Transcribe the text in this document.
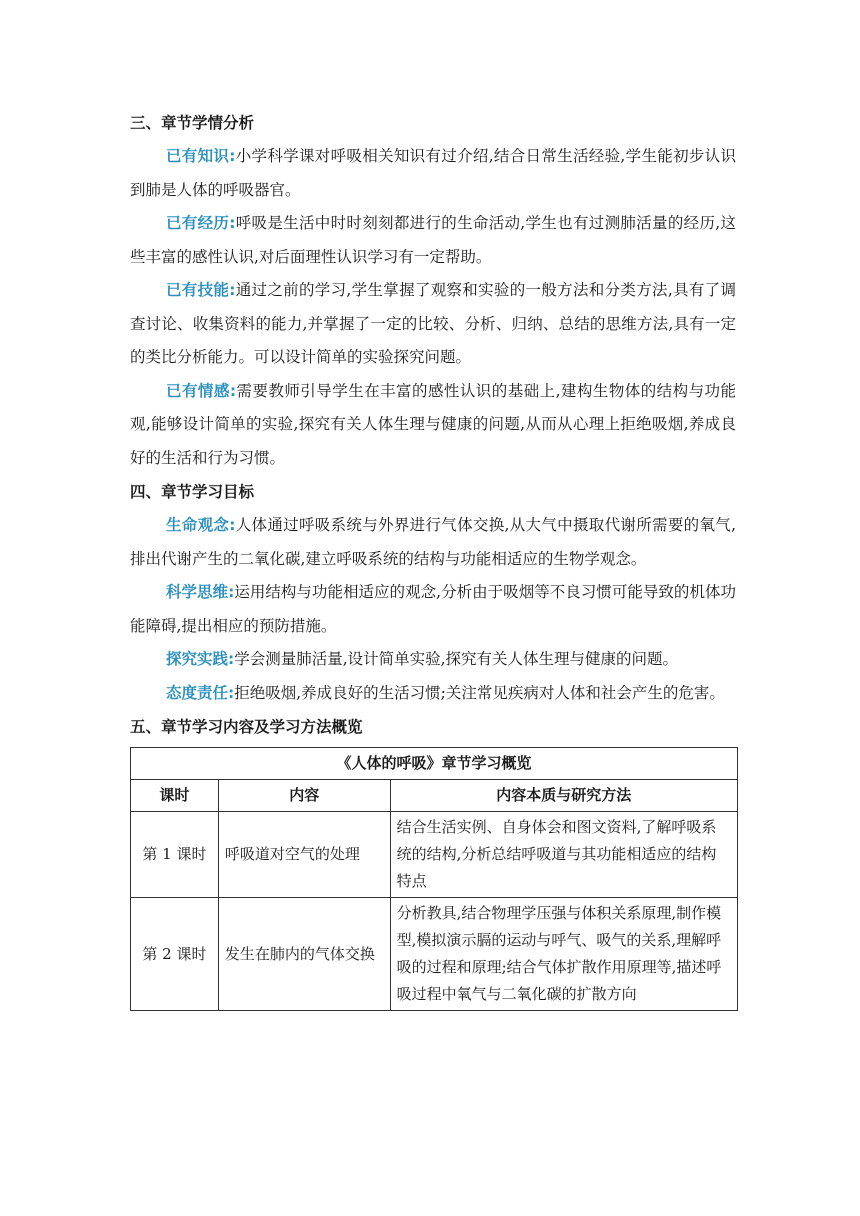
三、章节学情分析

已有知识:小学科学课对呼吸相关知识有过介绍,结合日常生活经验,学生能初步认识到肺是人体的呼吸器官。

已有经历:呼吸是生活中时时刻刻都进行的生命活动,学生也有过测肺活量的经历,这些丰富的感性认识,对后面理性认识学习有一定帮助。

已有技能:通过之前的学习,学生掌握了观察和实验的一般方法和分类方法,具有了调查讨论、收集资料的能力,并掌握了一定的比较、分析、归纳、总结的思维方法,具有一定的类比分析能力。可以设计简单的实验探究问题。

已有情感:需要教师引导学生在丰富的感性认识的基础上,建构生物体的结构与功能观,能够设计简单的实验,探究有关人体生理与健康的问题,从而从心理上拒绝吸烟,养成良好的生活和行为习惯。

四、章节学习目标

生命观念:人体通过呼吸系统与外界进行气体交换,从大气中摄取代谢所需要的氧气,排出代谢产生的二氧化碳,建立呼吸系统的结构与功能相适应的生物学观念。

科学思维:运用结构与功能相适应的观念,分析由于吸烟等不良习惯可能导致的机体功能障碍,提出相应的预防措施。

探究实践:学会测量肺活量,设计简单实验,探究有关人体生理与健康的问题。

态度责任:拒绝吸烟,养成良好的生活习惯;关注常见疾病对人体和社会产生的危害。

五、章节学习内容及学习方法概览

《人体的呼吸》章节学习概览		
课时	内容	内容本质与研究方法
第 1 课时	呼吸道对空气的处理	结合生活实例、自身体会和图文资料,了解呼吸系统的结构,分析总结呼吸道与其功能相适应的结构特点
第 2 课时	发生在肺内的气体交换	分析教具,结合物理学压强与体积关系原理,制作模型,模拟演示膈的运动与呼气、吸气的关系,理解呼吸的过程和原理;结合气体扩散作用原理等,描述呼吸过程中氧气与二氧化碳的扩散方向
